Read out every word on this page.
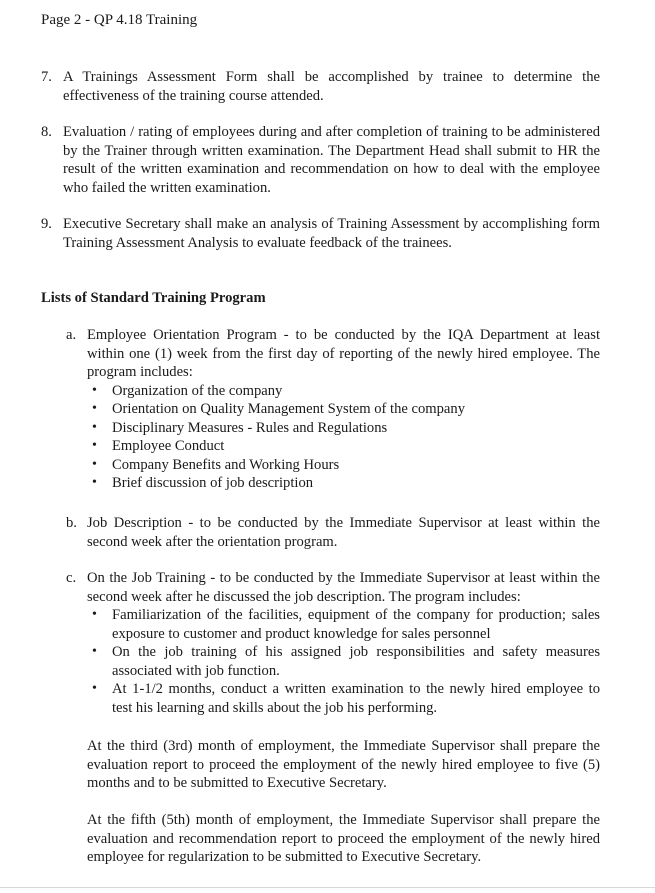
Page 2 - QP 4.18 Training
7. A Trainings Assessment Form shall be accomplished by trainee to determine the effectiveness of the training course attended.
8. Evaluation / rating of employees during and after completion of training to be administered by the Trainer through written examination. The Department Head shall submit to HR the result of the written examination and recommendation on how to deal with the employee who failed the written examination.
9. Executive Secretary shall make an analysis of Training Assessment by accomplishing form Training Assessment Analysis to evaluate feedback of the trainees.
Lists of Standard Training Program
a. Employee Orientation Program - to be conducted by the IQA Department at least within one (1) week from the first day of reporting of the newly hired employee. The program includes:
• Organization of the company
• Orientation on Quality Management System of the company
• Disciplinary Measures - Rules and Regulations
• Employee Conduct
• Company Benefits and Working Hours
• Brief discussion of job description
b. Job Description - to be conducted by the Immediate Supervisor at least within the second week after the orientation program.
c. On the Job Training - to be conducted by the Immediate Supervisor at least within the second week after he discussed the job description. The program includes:
• Familiarization of the facilities, equipment of the company for production; sales exposure to customer and product knowledge for sales personnel
• On the job training of his assigned job responsibilities and safety measures associated with job function.
• At 1-1/2 months, conduct a written examination to the newly hired employee to test his learning and skills about the job his performing.
At the third (3rd) month of employment, the Immediate Supervisor shall prepare the evaluation report to proceed the employment of the newly hired employee to five (5) months and to be submitted to Executive Secretary.
At the fifth (5th) month of employment, the Immediate Supervisor shall prepare the evaluation and recommendation report to proceed the employment of the newly hired employee for regularization to be submitted to Executive Secretary.
